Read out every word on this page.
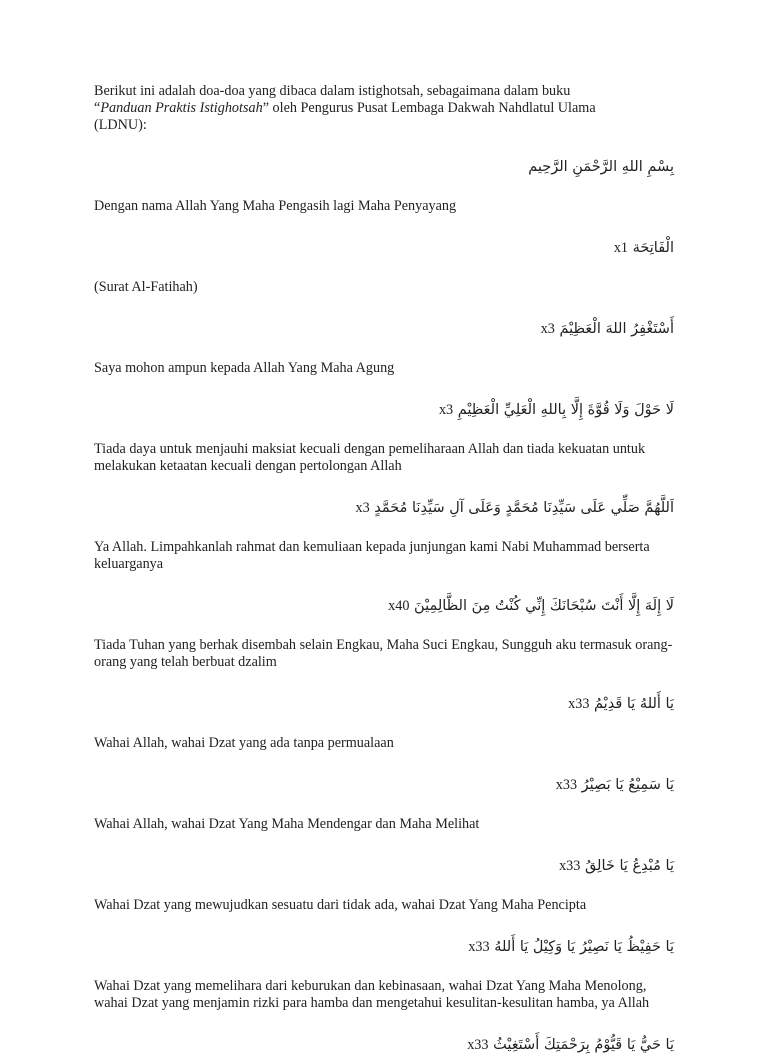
Berikut ini adalah doa-doa yang dibaca dalam istighotsah, sebagaimana dalam buku
“Panduan Praktis Istighotsah” oleh Pengurus Pusat Lembaga Dakwah Nahdlatul Ulama
(LDNU):

بِسْمِ اللهِ الرَّحْمَنِ الرَّحِيم

Dengan nama Allah Yang Maha Pengasih lagi Maha Penyayang

الْفَاتِحَة x1

(Surat Al-Fatihah)

أَسْتَغْفِرُ اللهَ الْعَظِيْمَ x3

Saya mohon ampun kepada Allah Yang Maha Agung

لَا حَوْلَ وَلَا قُوَّةَ إِلَّا بِاللهِ الْعَلِيِّ الْعَظِيْمِ x3

Tiada daya untuk menjauhi maksiat kecuali dengan pemeliharaan Allah dan tiada kekuatan untuk melakukan ketaatan kecuali dengan pertolongan Allah

اَللَّهُمَّ صَلِّي عَلَى سَيِّدِنَا مُحَمَّدٍ وَعَلَى آلِ سَيِّدِنَا مُحَمَّدٍ x3

Ya Allah. Limpahkanlah rahmat dan kemuliaan kepada junjungan kami Nabi Muhammad berserta keluarganya

لَا إِلَهَ إِلَّا أَنْتَ سُبْحَانَكَ إِنِّي كُنْتُ مِنَ الظَّالِمِيْنَ x40

Tiada Tuhan yang berhak disembah selain Engkau, Maha Suci Engkau, Sungguh aku termasuk orang-orang yang telah berbuat dzalim

يَا أَللهُ يَا قَدِيْمُ x33

Wahai Allah, wahai Dzat yang ada tanpa permualaan

يَا سَمِيْعُ يَا بَصِيْرُ x33

Wahai Allah, wahai Dzat Yang Maha Mendengar dan Maha Melihat

يَا مُبْدِعُ يَا خَالِقُ x33

Wahai Dzat yang mewujudkan sesuatu dari tidak ada, wahai Dzat Yang Maha Pencipta

يَا حَفِيْظُ يَا نَصِيْرُ يَا وَكِيْلُ يَا أَللهُ x33

Wahai Dzat yang memelihara dari keburukan dan kebinasaan, wahai Dzat Yang Maha Menolong, wahai Dzat yang menjamin rizki para hamba dan mengetahui kesulitan-kesulitan hamba, ya Allah

يَا حَيُّ يَا قَيُّوْمُ بِرَحْمَتِكَ أَسْتَغِيْثُ x33
